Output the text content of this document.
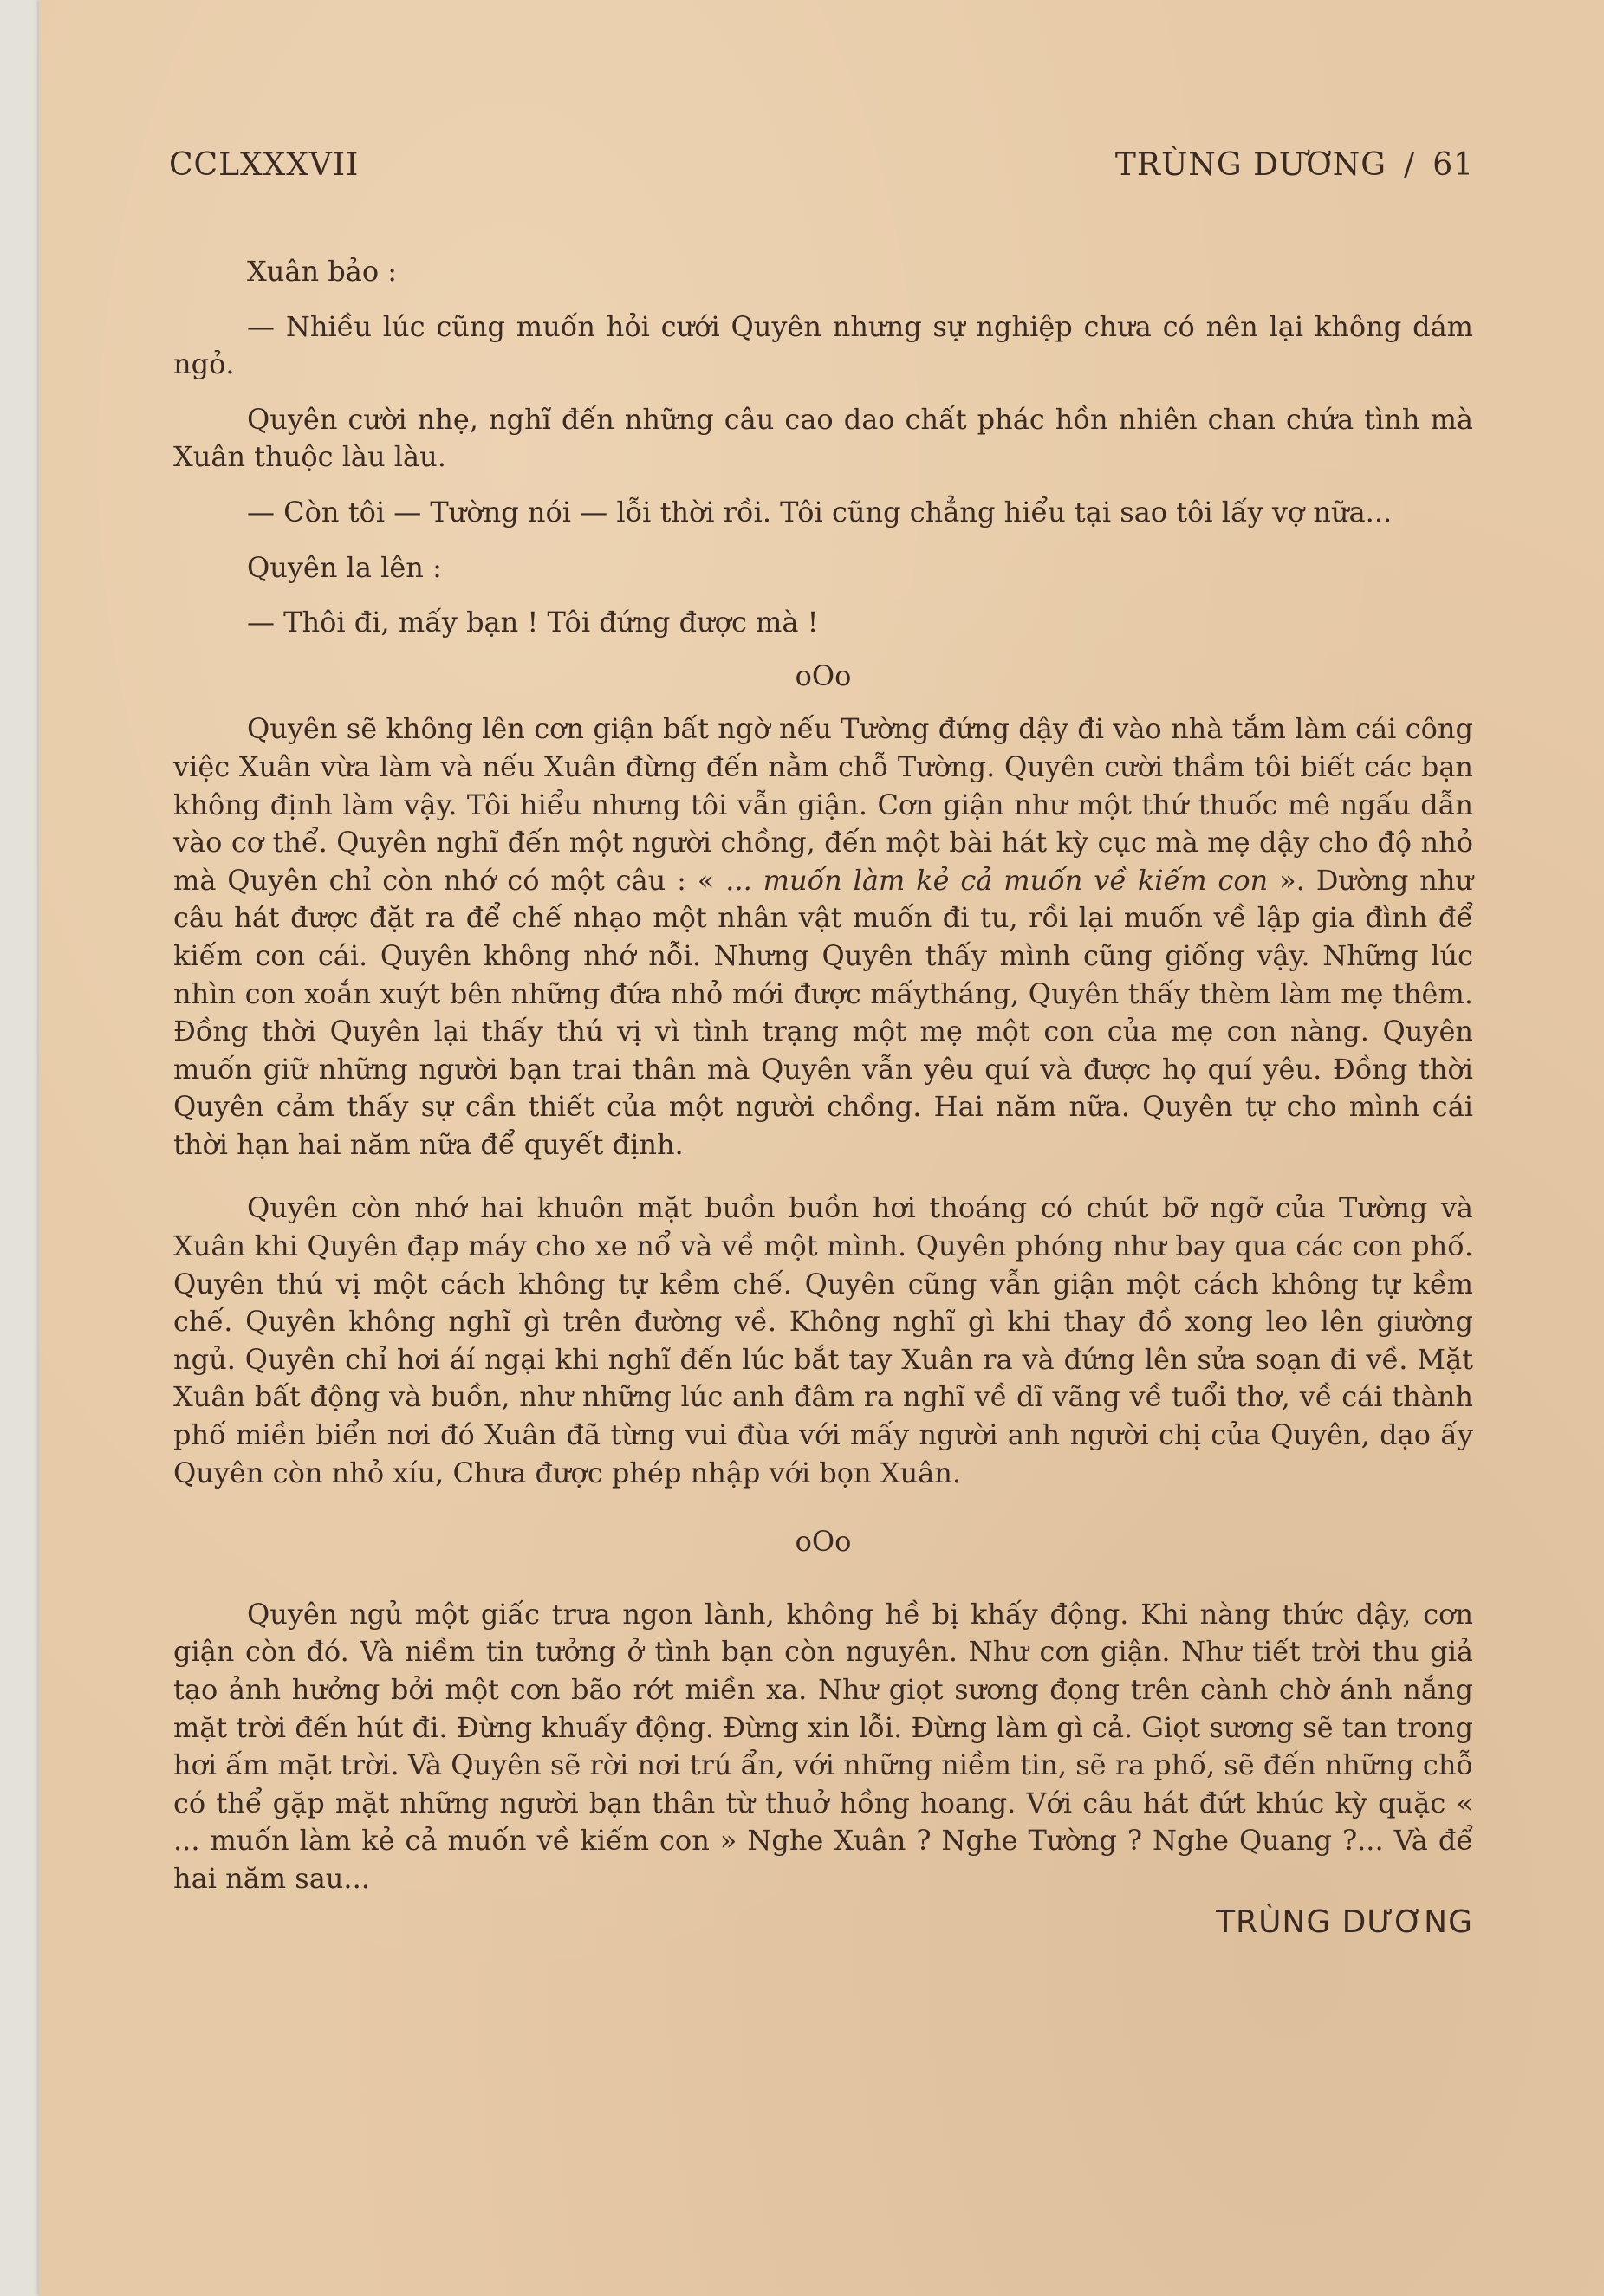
CCLXXXVII	TRÙNG DƯƠNG / 61

Xuân bảo :

— Nhiều lúc cũng muốn hỏi cưới Quyên nhưng sự nghiệp chưa có nên lại không dám ngỏ.

Quyên cười nhẹ, nghĩ đến những câu cao dao chất phác hồn nhiên chan chứa tình mà Xuân thuộc làu làu.

— Còn tôi — Tường nói — lỗi thời rồi. Tôi cũng chẳng hiểu tại sao tôi lấy vợ nữa...

Quyên la lên :

— Thôi đi, mấy bạn ! Tôi đứng được mà !

oOo

Quyên sẽ không lên cơn giận bất ngờ nếu Tường đứng dậy đi vào nhà tắm làm cái công việc Xuân vừa làm và nếu Xuân đừng đến nằm chỗ Tường. Quyên cười thầm tôi biết các bạn không định làm vậy. Tôi hiểu nhưng tôi vẫn giận. Cơn giận như một thứ thuốc mê ngấu dẫn vào cơ thể. Quyên nghĩ đến một người chồng, đến một bài hát kỳ cục mà mẹ dậy cho độ nhỏ mà Quyên chỉ còn nhớ có một câu : « ... muốn làm kẻ cả muốn về kiếm con ». Dường như câu hát được đặt ra để chế nhạo một nhân vật muốn đi tu, rồi lại muốn về lập gia đình để kiếm con cái. Quyên không nhớ nỗi. Nhưng Quyên thấy mình cũng giống vậy. Những lúc nhìn con xoắn xuýt bên những đứa nhỏ mới được mấytháng, Quyên thấy thèm làm mẹ thêm. Đồng thời Quyên lại thấy thú vị vì tình trạng một mẹ một con của mẹ con nàng. Quyên muốn giữ những người bạn trai thân mà Quyên vẫn yêu quí và được họ quí yêu. Đồng thời Quyên cảm thấy sự cần thiết của một người chồng. Hai năm nữa. Quyên tự cho mình cái thời hạn hai năm nữa để quyết định.

Quyên còn nhớ hai khuôn mặt buồn buồn hơi thoáng có chút bỡ ngỡ của Tường và Xuân khi Quyên đạp máy cho xe nổ và về một mình. Quyên phóng như bay qua các con phố. Quyên thú vị một cách không tự kềm chế. Quyên cũng vẫn giận một cách không tự kềm chế. Quyên không nghĩ gì trên đường về. Không nghĩ gì khi thay đồ xong leo lên giường ngủ. Quyên chỉ hơi áí ngại khi nghĩ đến lúc bắt tay Xuân ra và đứng lên sửa soạn đi về. Mặt Xuân bất động và buồn, như những lúc anh đâm ra nghĩ về dĩ vãng về tuổi thơ, về cái thành phố miền biển nơi đó Xuân đã từng vui đùa với mấy người anh người chị của Quyên, dạo ấy Quyên còn nhỏ xíu, Chưa được phép nhập với bọn Xuân.

oOo

Quyên ngủ một giấc trưa ngon lành, không hề bị khấy động. Khi nàng thức dậy, cơn giận còn đó. Và niềm tin tưởng ở tình bạn còn nguyên. Như cơn giận. Như tiết trời thu giả tạo ảnh hưởng bởi một cơn bão rớt miền xa. Như giọt sương đọng trên cành chờ ánh nắng mặt trời đến hút đi. Đừng khuấy động. Đừng xin lỗi. Đừng làm gì cả. Giọt sương sẽ tan trong hơi ấm mặt trời. Và Quyên sẽ rời nơi trú ẩn, với những niềm tin, sẽ ra phố, sẽ đến những chỗ có thể gặp mặt những người bạn thân từ thuở hồng hoang. Với câu hát đứt khúc kỳ quặc « ... muốn làm kẻ cả muốn về kiếm con » Nghe Xuân ? Nghe Tường ? Nghe Quang ?... Và để hai năm sau...

TRÙNG DƯƠNG
